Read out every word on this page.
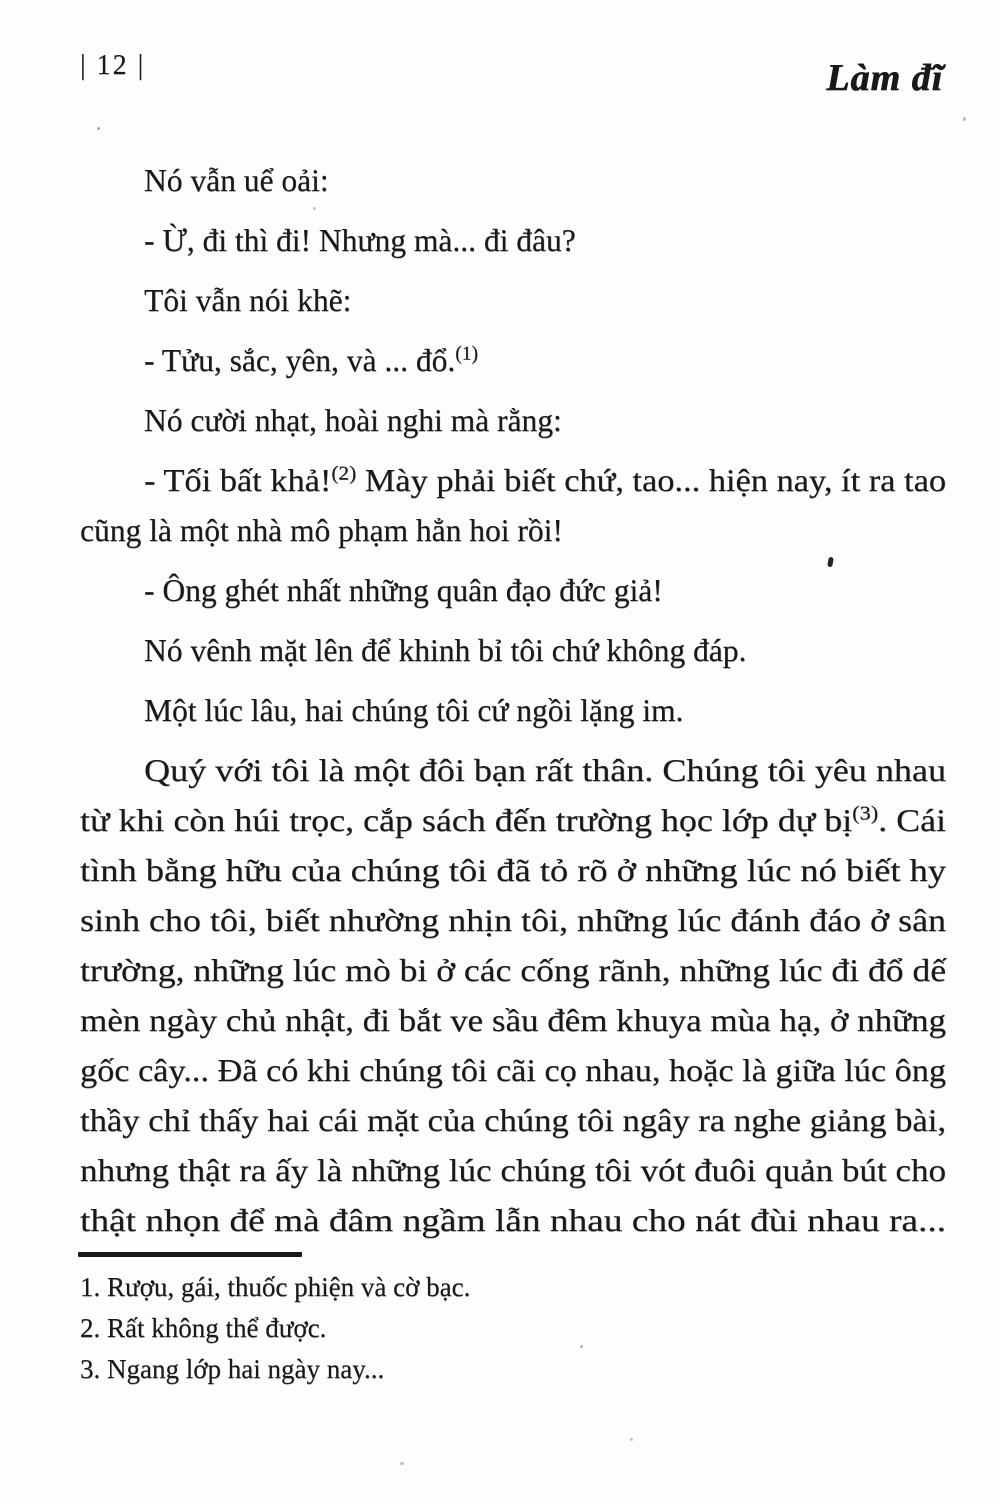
| 12 |	Làm đĩ

Nó vẫn uể oải:

- Ừ, đi thì đi! Nhưng mà... đi đâu?

Tôi vẫn nói khẽ:

- Tửu, sắc, yên, và ... đổ.$^{(1)}$

Nó cười nhạt, hoài nghi mà rằng:

- Tối bất khả!$^{(2)}$ Mày phải biết chứ, tao... hiện nay, ít ra tao
cũng là một nhà mô phạm hẳn hoi rồi!

- Ông ghét nhất những quân đạo đức giả!

Nó vênh mặt lên để khinh bỉ tôi chứ không đáp.

Một lúc lâu, hai chúng tôi cứ ngồi lặng im.

Quý với tôi là một đôi bạn rất thân. Chúng tôi yêu nhau
từ khi còn húi trọc, cắp sách đến trường học lớp dự bị$^{(3)}$. Cái
tình bằng hữu của chúng tôi đã tỏ rõ ở những lúc nó biết hy
sinh cho tôi, biết nhường nhịn tôi, những lúc đánh đáo ở sân
trường, những lúc mò bi ở các cống rãnh, những lúc đi đổ dế
mèn ngày chủ nhật, đi bắt ve sầu đêm khuya mùa hạ, ở những
gốc cây... Đã có khi chúng tôi cãi cọ nhau, hoặc là giữa lúc ông
thầy chỉ thấy hai cái mặt của chúng tôi ngây ra nghe giảng bài,
nhưng thật ra ấy là những lúc chúng tôi vót đuôi quản bút cho
thật nhọn để mà đâm ngầm lẫn nhau cho nát đùi nhau ra...

1. Rượu, gái, thuốc phiện và cờ bạc.
2. Rất không thể được.
3. Ngang lớp hai ngày nay...
